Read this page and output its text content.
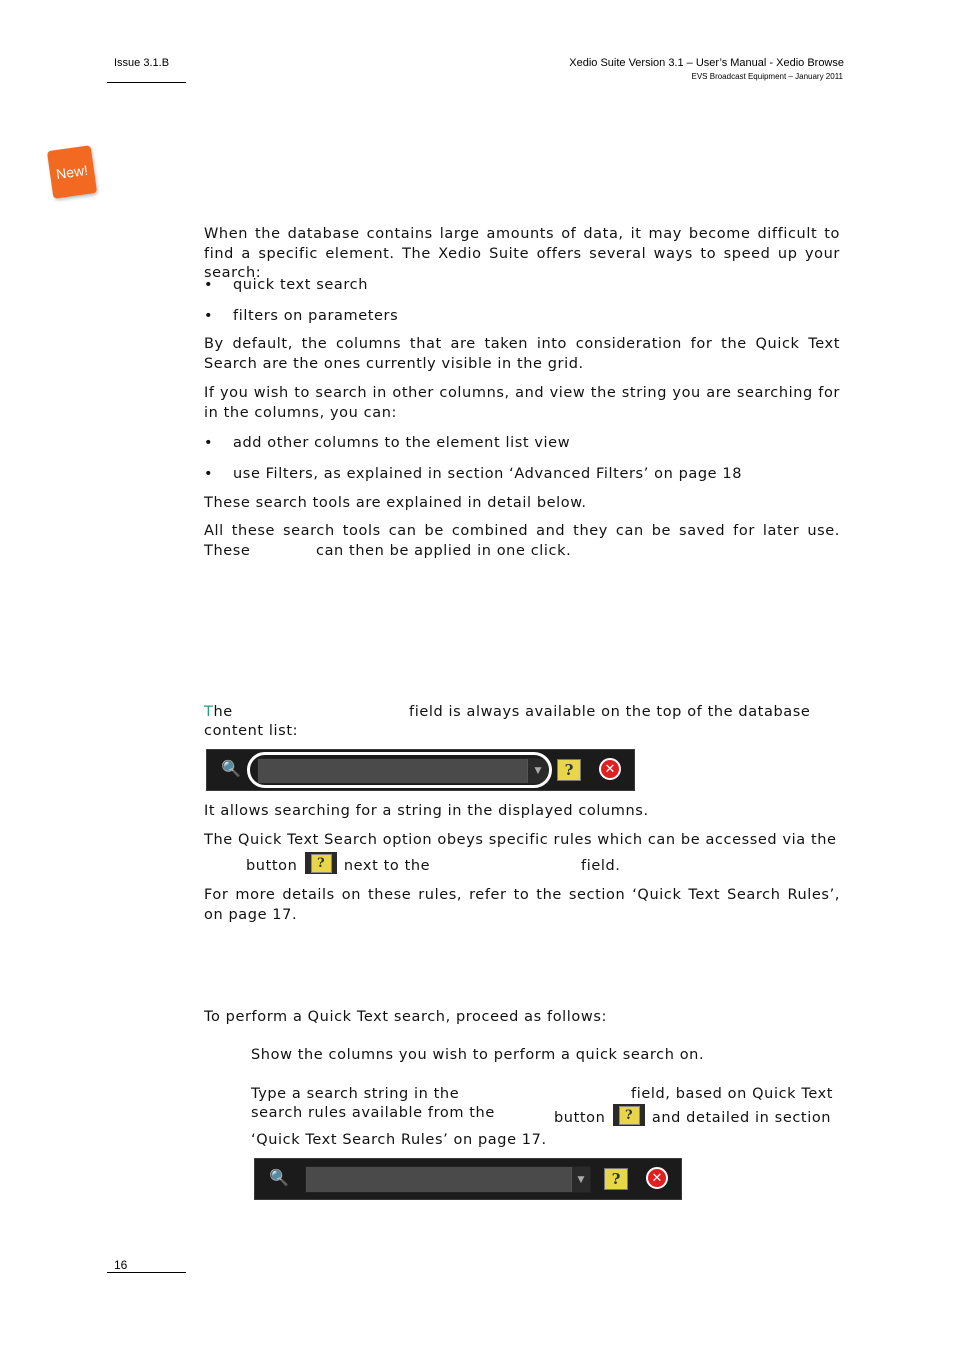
Issue 3.1.B	Xedio Suite Version 3.1 – User’s Manual - Xedio Browse
EVS Broadcast Equipment – January 2011
New!

When the database contains large amounts of data, it may become difficult to find a specific element. The Xedio Suite offers several ways to speed up your search:

• quick text search
• filters on parameters

By default, the columns that are taken into consideration for the Quick Text Search are the ones currently visible in the grid.

If you wish to search in other columns, and view the string you are searching for in the columns, you can:

• add other columns to the element list view
• use Filters, as explained in section ‘Advanced Filters’ on page 18

These search tools are explained in detail below.

All these search tools can be combined and they can be saved for later use. These	can then be applied in one click.

The	field is always available on the top of the database
content list:
🔍	▼	?	✕

It allows searching for a string in the displayed columns.

The Quick Text Search option obeys specific rules which can be accessed via the

button	?	next to the	field.

For more details on these rules, refer to the section ‘Quick Text Search Rules’, on page 17.

To perform a Quick Text search, proceed as follows:

Show the columns you wish to perform a quick search on.

Type a search string in the	field, based on Quick Text
search rules available from the	button	?	and detailed in section

‘Quick Text Search Rules’ on page 17.

🔍	▼	?	✕
16
